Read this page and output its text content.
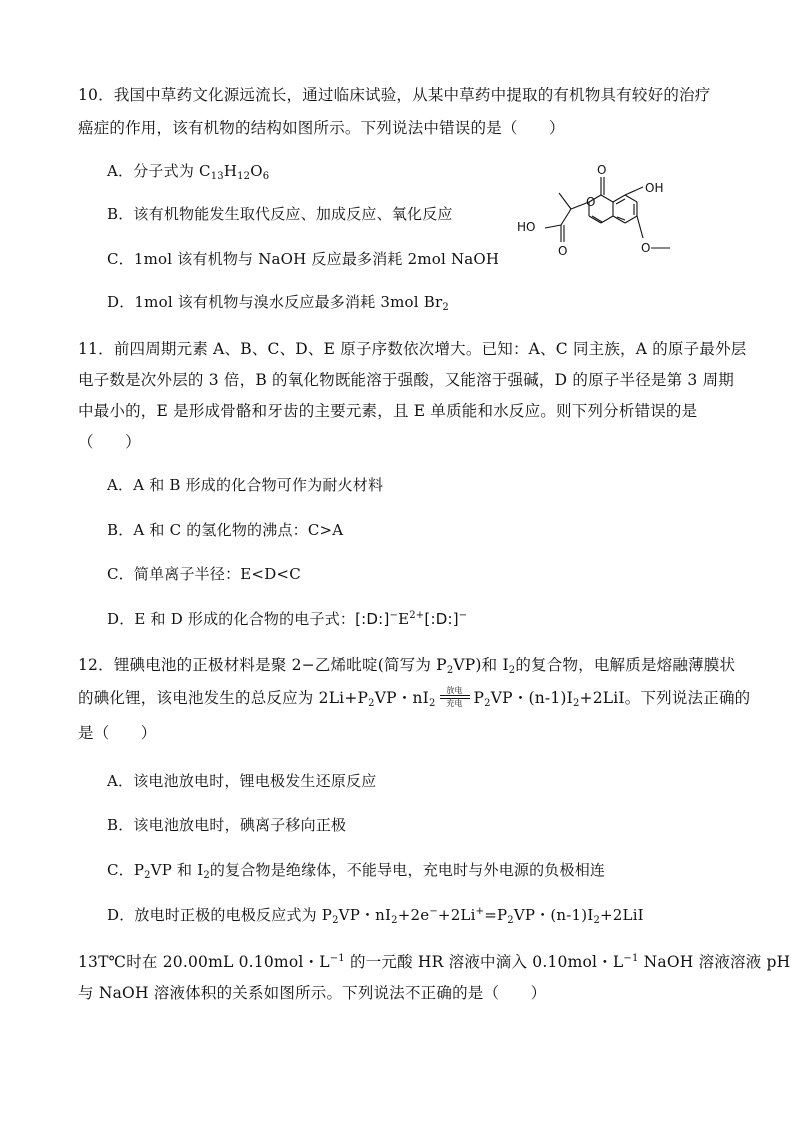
10．我国中草药文化源远流长，通过临床试验，从某中草药中提取的有机物具有较好的治疗
癌症的作用，该有机物的结构如图所示。下列说法中错误的是（　　）
A．分子式为 $C_{13}H_{12}O_6$
B．该有机物能发生取代反应、加成反应、氧化反应
C．1mol 该有机物与 NaOH 反应最多消耗 2mol NaOH
D．1mol 该有机物与溴水反应最多消耗 3mol $Br_2$
O
OH
O
HO
O	O
11．前四周期元素 A、B、C、D、E 原子序数依次增大。已知：A、C 同主族，A 的原子最外层
电子数是次外层的 3 倍，B 的氧化物既能溶于强酸，又能溶于强碱，D 的原子半径是第 3 周期
中最小的，E 是形成骨骼和牙齿的主要元素，且 E 单质能和水反应。则下列分析错误的是
（　　）
A．A 和 B 形成的化合物可作为耐火材料
B．A 和 C 的氢化物的沸点：C>A
C．简单离子半径：E<D<C
D．E 和 D 形成的化合物的电子式：$[:D:]^-E^{2+}[:D:]^-$
12．锂碘电池的正极材料是聚 2−乙烯吡啶(简写为 $P_2VP$)和 $I_2$的复合物，电解质是熔融薄膜状
的碘化锂，该电池发生的总反应为 $2Li+P_2VP$・$nI_2 \frac{\text{放电}}{\text{充电}} P_2VP$・$(n-1)I_2+2LiI$。下列说法正确的
是（　　）
A．该电池放电时，锂电极发生还原反应
B．该电池放电时，碘离子移向正极
C．$P_2VP$ 和 $I_2$的复合物是绝缘体，不能导电，充电时与外电源的负极相连
D．放电时正极的电极反应式为 $P_2VP$・$nI_2+2e^-+2Li^+=P_2VP$・$(n-1)I_2+2LiI$
13T℃时在 20.00mL 0.10mol・$L^{-1}$ 的一元酸 HR 溶液中滴入 0.10mol・$L^{-1}$ NaOH 溶液溶液 pH
与 NaOH 溶液体积的关系如图所示。下列说法不正确的是（　　）
